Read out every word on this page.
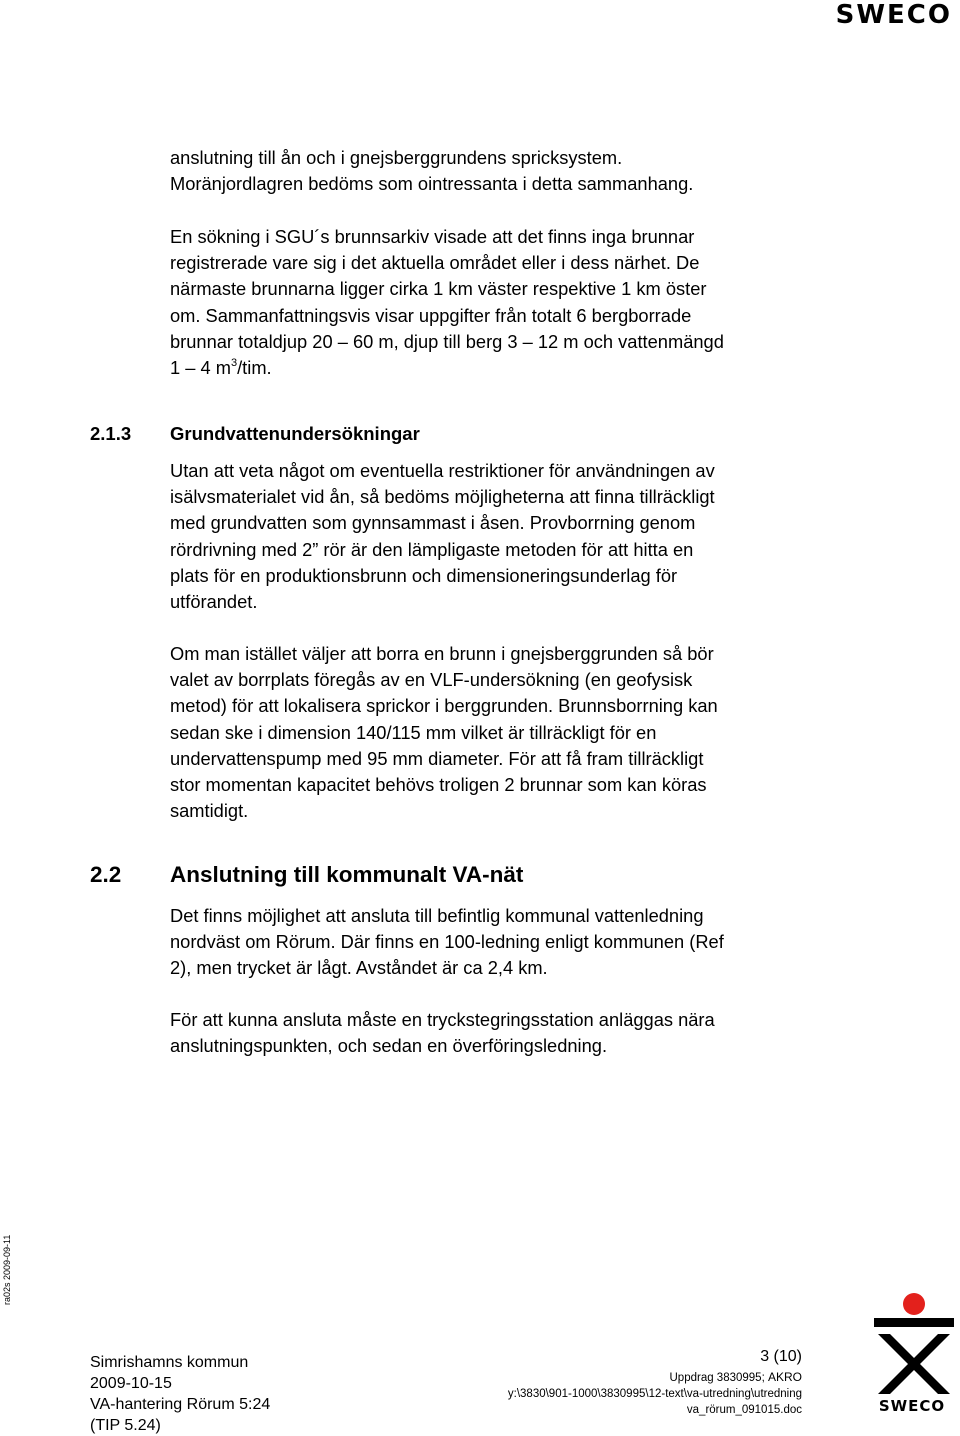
SWECO
anslutning till ån och i gnejsberggrundens spricksystem.
Moränjordlagren bedöms som ointressanta i detta sammanhang.
En sökning i SGU´s brunnsarkiv visade att det finns inga brunnar
registrerade vare sig i det aktuella området eller i dess närhet. De
närmaste brunnarna ligger cirka 1 km väster respektive 1 km öster
om. Sammanfattningsvis visar uppgifter från totalt 6 bergborrade
brunnar totaldjup 20 – 60 m, djup till berg 3 – 12 m och vattenmängd
1 – 4 $m^3$/tim.
2.1.3 Grundvattenundersökningar
Utan att veta något om eventuella restriktioner för användningen av
isälvsmaterialet vid ån, så bedöms möjligheterna att finna tillräckligt
med grundvatten som gynnsammast i åsen. Provborrning genom
rördrivning med 2” rör är den lämpligaste metoden för att hitta en
plats för en produktionsbrunn och dimensioneringsunderlag för
utförandet.
Om man istället väljer att borra en brunn i gnejsberggrunden så bör
valet av borrplats föregås av en VLF-undersökning (en geofysisk
metod) för att lokalisera sprickor i berggrunden. Brunnsborrning kan
sedan ske i dimension 140/115 mm vilket är tillräckligt för en
undervattenspump med 95 mm diameter. För att få fram tillräckligt
stor momentan kapacitet behövs troligen 2 brunnar som kan köras
samtidigt.
2.2 Anslutning till kommunalt VA-nät
Det finns möjlighet att ansluta till befintlig kommunal vattenledning
nordväst om Rörum. Där finns en 100-ledning enligt kommunen (Ref
2), men trycket är lågt. Avståndet är ca 2,4 km.
För att kunna ansluta måste en tryckstegringsstation anläggas nära
anslutningspunkten, och sedan en överföringsledning.
ra02s 2009-09-11
Simrishamns kommun
2009-10-15
VA-hantering Rörum 5:24
(TIP 5.24)
3 (10)
Uppdrag 3830995; AKRO
y:\3830\901-1000\3830995\12-text\va-utredning\utredning
va_rörum_091015.doc	SWECO
